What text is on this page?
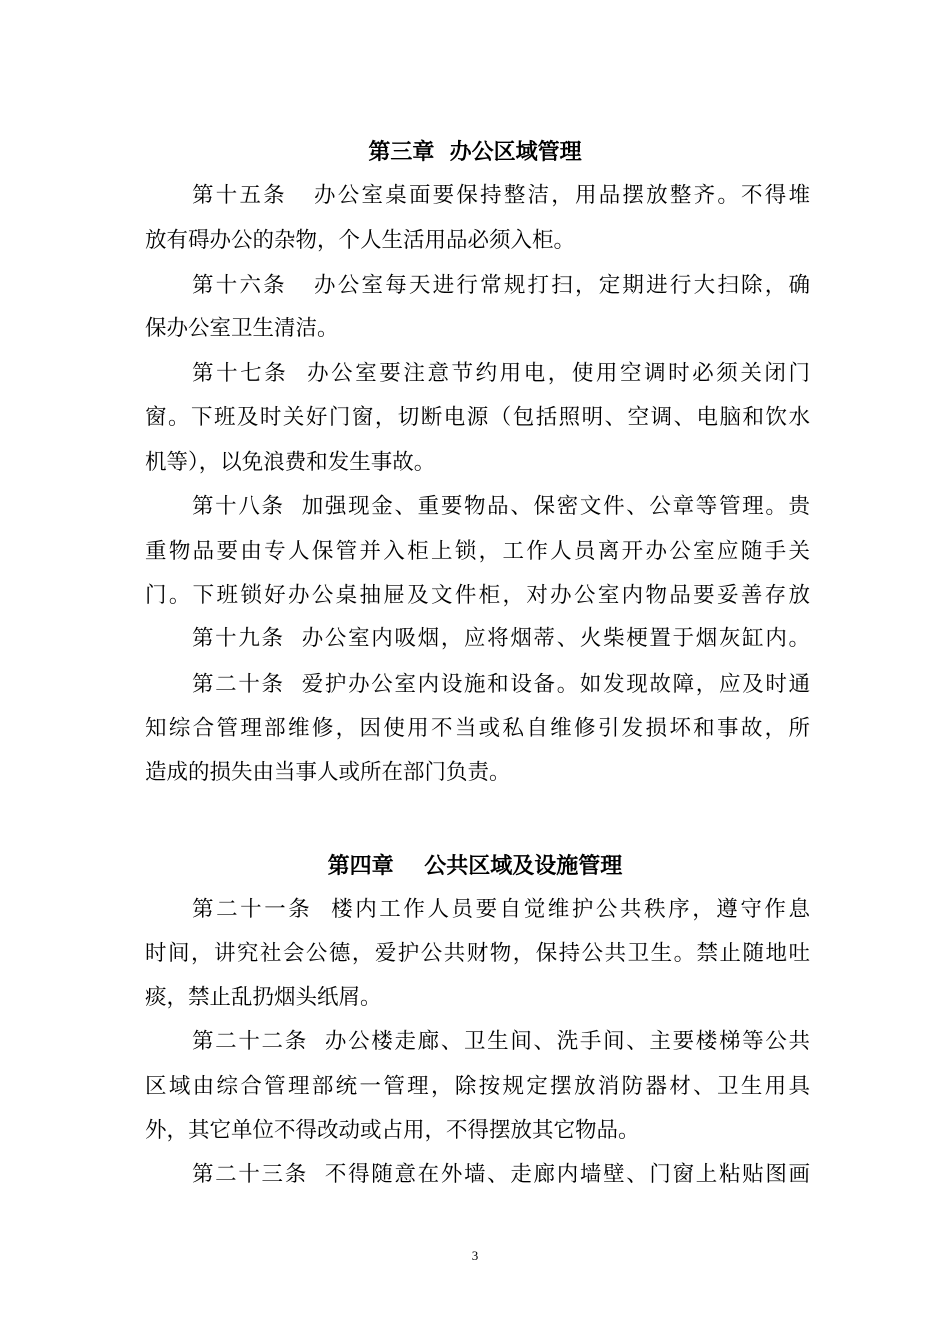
第三章  办公区域管理
第十五条   办公室桌面要保持整洁，用品摆放整齐。不得堆
放有碍办公的杂物，个人生活用品必须入柜。
第十六条   办公室每天进行常规打扫，定期进行大扫除，确
保办公室卫生清洁。
第十七条  办公室要注意节约用电，使用空调时必须关闭门
窗。下班及时关好门窗，切断电源（包括照明、空调、电脑和饮水
机等），以免浪费和发生事故。
第十八条  加强现金、重要物品、保密文件、公章等管理。贵
重物品要由专人保管并入柜上锁，工作人员离开办公室应随手关
门。下班锁好办公桌抽屉及文件柜，对办公室内物品要妥善存放
第十九条  办公室内吸烟，应将烟蒂、火柴梗置于烟灰缸内。
第二十条  爱护办公室内设施和设备。如发现故障，应及时通
知综合管理部维修，因使用不当或私自维修引发损坏和事故，所
造成的损失由当事人或所在部门负责。
第四章    公共区域及设施管理
第二十一条  楼内工作人员要自觉维护公共秩序，遵守作息
时间，讲究社会公德，爱护公共财物，保持公共卫生。禁止随地吐
痰，禁止乱扔烟头纸屑。
第二十二条  办公楼走廊、卫生间、洗手间、主要楼梯等公共
区域由综合管理部统一管理，除按规定摆放消防器材、卫生用具
外，其它单位不得改动或占用，不得摆放其它物品。
第二十三条  不得随意在外墙、走廊内墙壁、门窗上粘贴图画
3
